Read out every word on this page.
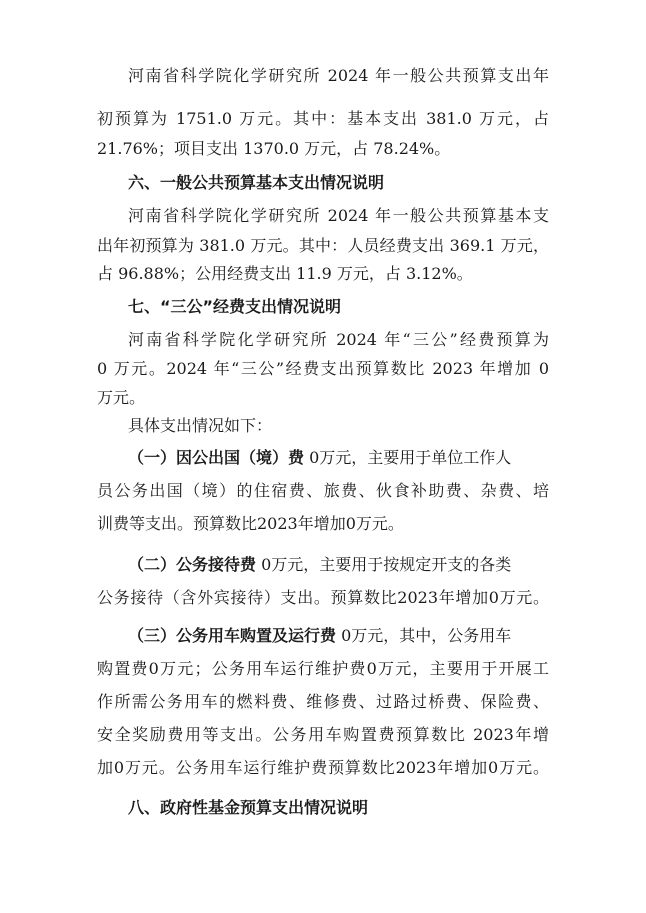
河南省科学院化学研究所 2024 年一般公共预算支出年
初预算为 1751.0 万元。其中：基本支出 381.0 万元，占
21.76%；项目支出 1370.0 万元，占 78.24%。
六、一般公共预算基本支出情况说明
河南省科学院化学研究所 2024 年一般公共预算基本支
出年初预算为 381.0 万元。其中：人员经费支出 369.1 万元，
占 96.88%；公用经费支出 11.9 万元，占 3.12%。
七、“三公”经费支出情况说明
河南省科学院化学研究所 2024 年“三公”经费预算为
0 万元。2024 年“三公”经费支出预算数比 2023 年增加 0
万元。
具体支出情况如下：
（一）因公出国（境）费 0万元，主要用于单位工作人
员公务出国（境）的住宿费、旅费、伙食补助费、杂费、培
训费等支出。预算数比2023年增加0万元。
（二）公务接待费 0万元，主要用于按规定开支的各类
公务接待（含外宾接待）支出。预算数比2023年增加0万元。
（三）公务用车购置及运行费 0万元，其中，公务用车
购置费0万元；公务用车运行维护费0万元，主要用于开展工
作所需公务用车的燃料费、维修费、过路过桥费、保险费、
安全奖励费用等支出。公务用车购置费预算数比 2023年增
加0万元。公务用车运行维护费预算数比2023年增加0万元。
八、政府性基金预算支出情况说明
